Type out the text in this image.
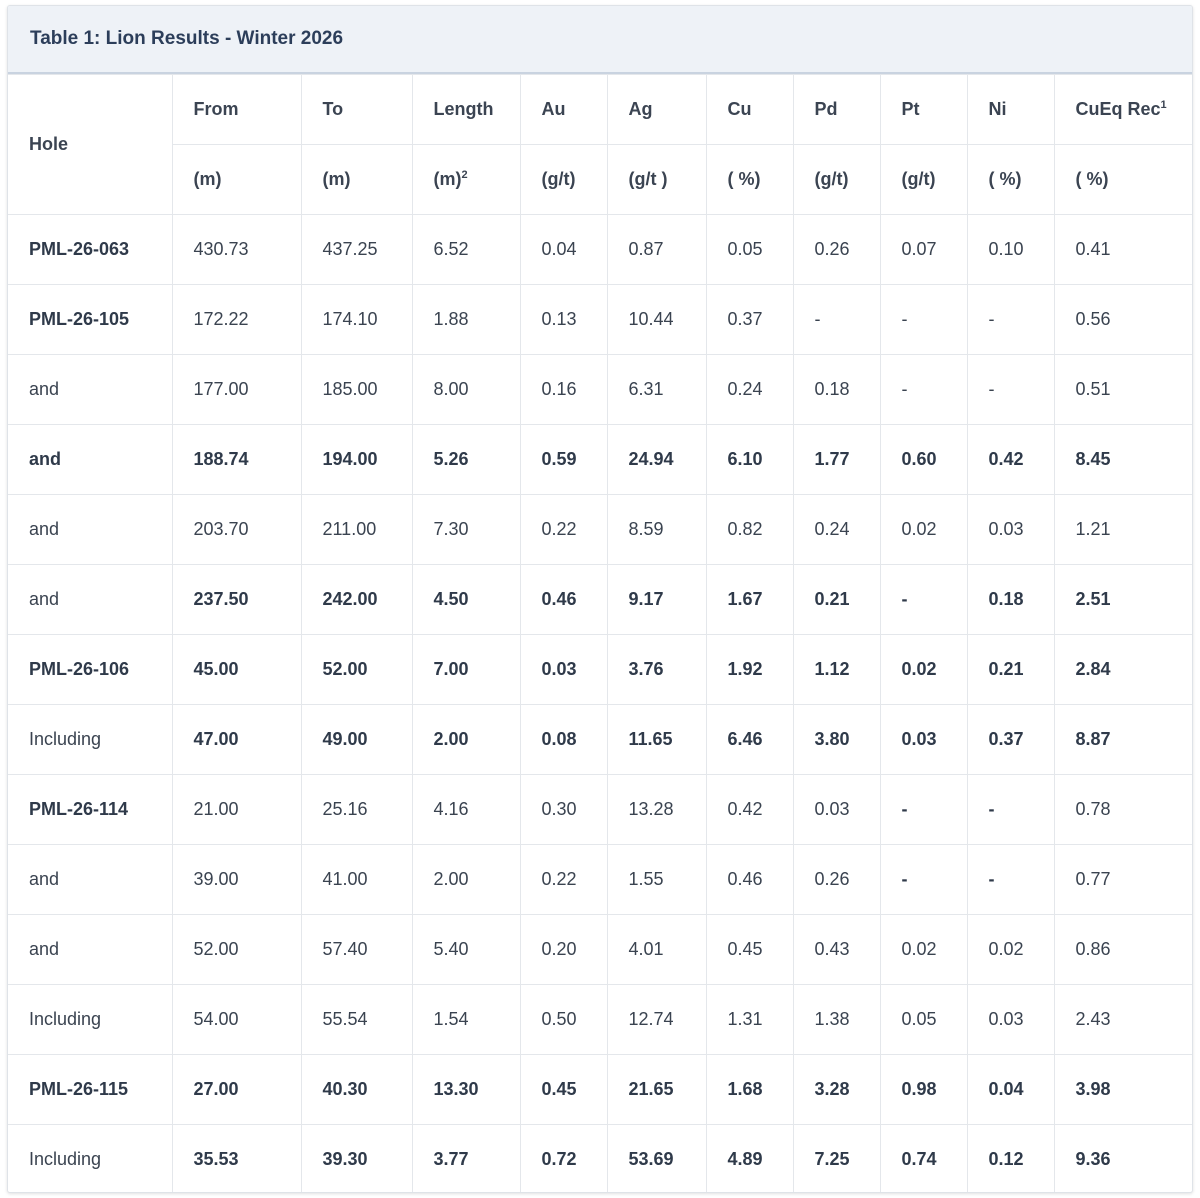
Table 1: Lion Results - Winter 2026
Hole	From	To	Length	Au	Ag	Cu	Pd	Pt	Ni	CuEq Rec$^1$
	(m)	(m)	$(m)^2$	(g/t)	(g/t )	( %)	(g/t)	(g/t)	( %)	( %)
PML-26-063	430.73	437.25	6.52	0.04	0.87	0.05	0.26	0.07	0.10	0.41
PML-26-105	172.22	174.10	1.88	0.13	10.44	0.37	-	-	-	0.56
and	177.00	185.00	8.00	0.16	6.31	0.24	0.18	-	-	0.51
and	188.74	194.00	5.26	0.59	24.94	6.10	1.77	0.60	0.42	8.45
and	203.70	211.00	7.30	0.22	8.59	0.82	0.24	0.02	0.03	1.21
and	237.50	242.00	4.50	0.46	9.17	1.67	0.21	-	0.18	2.51
PML-26-106	45.00	52.00	7.00	0.03	3.76	1.92	1.12	0.02	0.21	2.84
Including	47.00	49.00	2.00	0.08	11.65	6.46	3.80	0.03	0.37	8.87
PML-26-114	21.00	25.16	4.16	0.30	13.28	0.42	0.03	-	-	0.78
and	39.00	41.00	2.00	0.22	1.55	0.46	0.26	-	-	0.77
and	52.00	57.40	5.40	0.20	4.01	0.45	0.43	0.02	0.02	0.86
Including	54.00	55.54	1.54	0.50	12.74	1.31	1.38	0.05	0.03	2.43
PML-26-115	27.00	40.30	13.30	0.45	21.65	1.68	3.28	0.98	0.04	3.98
Including	35.53	39.30	3.77	0.72	53.69	4.89	7.25	0.74	0.12	9.36
